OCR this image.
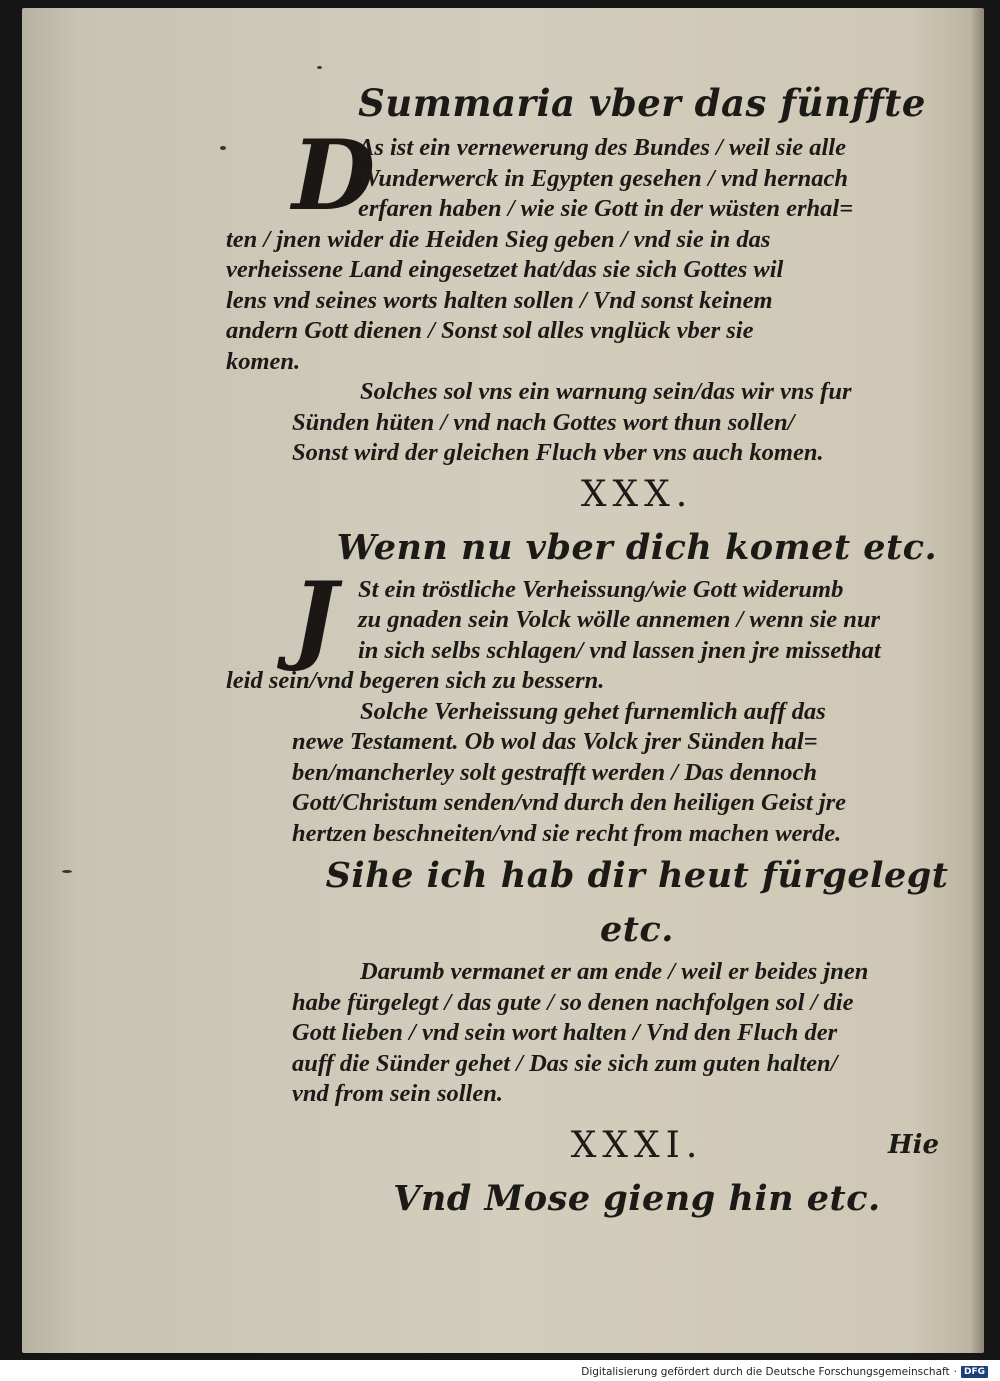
Summaria vber das fünffte
D

As ist ein vernewerung des Bundes / weil sie alle
Wunderwerck in Egypten gesehen / vnd hernach
erfaren haben / wie sie Gott in der wüsten erhal=
ten / jnen wider die Heiden Sieg geben / vnd sie in das
verheissene Land eingesetzet hat/das sie sich Gottes wil
lens vnd seines worts halten sollen / Vnd sonst keinem
andern Gott dienen / Sonst sol alles vnglück vber sie
komen.

Solches sol vns ein warnung sein/das wir vns fur
Sünden hüten / vnd nach Gottes wort thun sollen/
Sonst wird der gleichen Fluch vber vns auch komen.

XXX.
Wenn nu vber dich komet etc.
J St ein tröstliche Verheissung/wie Gott widerumb
zu gnaden sein Volck wölle annemen / wenn sie nur
in sich selbs schlagen/ vnd lassen jnen jre missethat
leid sein/vnd begeren sich zu bessern.

Solche Verheissung gehet furnemlich auff das
newe Testament. Ob wol das Volck jrer Sünden hal=
ben/mancherley solt gestrafft werden / Das dennoch
Gott/Christum senden/vnd durch den heiligen Geist jre
hertzen beschneiten/vnd sie recht from machen werde.

Sihe ich hab dir heut fürgelegt etc.

Darumb vermanet er am ende / weil er beides jnen
habe fürgelegt / das gute / so denen nachfolgen sol / die
Gott lieben / vnd sein wort halten / Vnd den Fluch der
auff die Sünder gehet / Das sie sich zum guten halten/
vnd from sein sollen.

XXXI.
Vnd Mose gieng hin etc.
Hie
Digitalisierung gefördert durch die Deutsche Forschungsgemeinschaft · DFG
